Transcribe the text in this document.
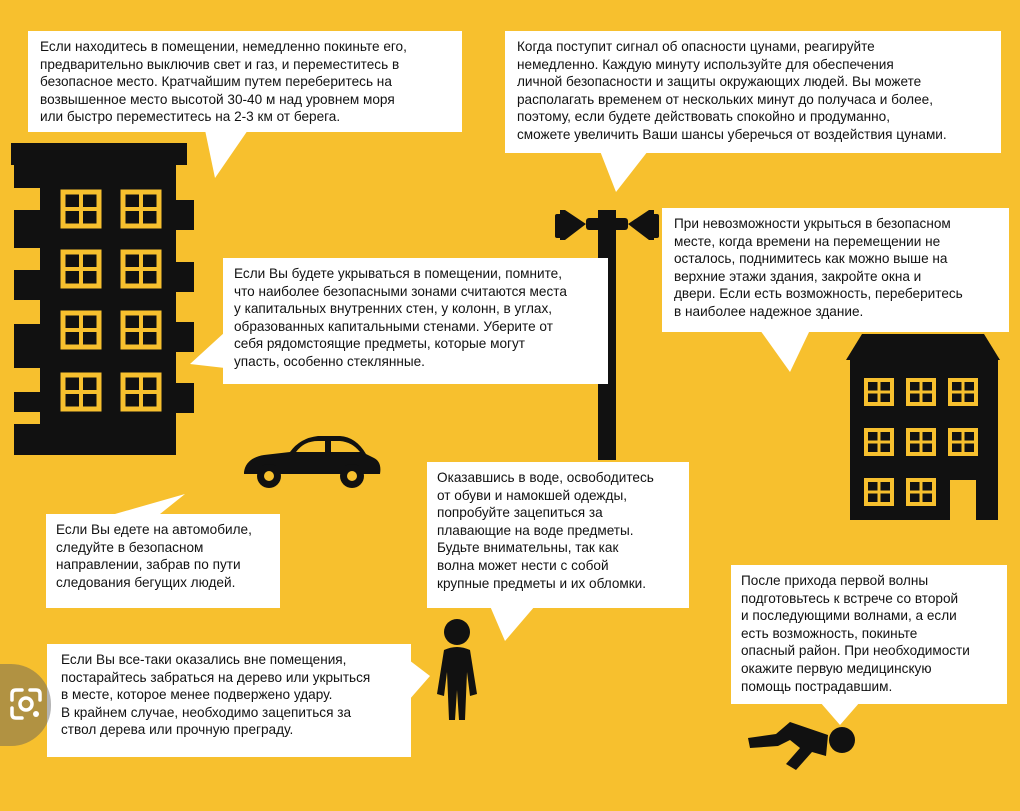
Если находитесь в помещении, немедленно покиньте его,
предварительно выключив свет и газ, и переместитесь в
безопасное место. Кратчайшим путем переберитесь на
возвышенное место высотой 30-40 м над уровнем моря
или быстро переместитесь на 2-3 км от берега.
Когда поступит сигнал об опасности цунами, реагируйте
немедленно. Каждую минуту используйте для обеспечения
личной безопасности и защиты окружающих людей. Вы можете
располагать временем от нескольких минут до получаса и более,
поэтому, если будете действовать спокойно и продуманно,
сможете увеличить Ваши шансы уберечься от воздействия цунами.
При невозможности укрыться в безопасном
месте, когда времени на перемещении не
осталось, поднимитесь как можно выше на
верхние этажи здания, закройте окна и
двери. Если есть возможность, переберитесь
в наиболее надежное здание.
Если Вы будете укрываться в помещении, помните,
что наиболее безопасными зонами считаются места
у капитальных внутренних стен, у колонн, в углах,
образованных капитальными стенами. Уберите от
себя рядомстоящие предметы, которые могут
упасть, особенно стеклянные.
Если Вы едете на автомобиле,
следуйте в безопасном
направлении, забрав по пути
следования бегущих людей.
Оказавшись в воде, освободитесь
от обуви и намокшей одежды,
попробуйте зацепиться за
плавающие на воде предметы.
Будьте внимательны, так как
волна может нести с собой
крупные предметы и их обломки.	После прихода первой волны
подготовьтесь к встрече со второй
и последующими волнами, а если
есть возможность, покиньте
опасный район. При необходимости
окажите первую медицинскую
помощь пострадавшим.
Если Вы все-таки оказались вне помещения,
постарайтесь забраться на дерево или укрыться
в месте, которое менее подвержено удару.
В крайнем случае, необходимо зацепиться за
ствол дерева или прочную преграду.
